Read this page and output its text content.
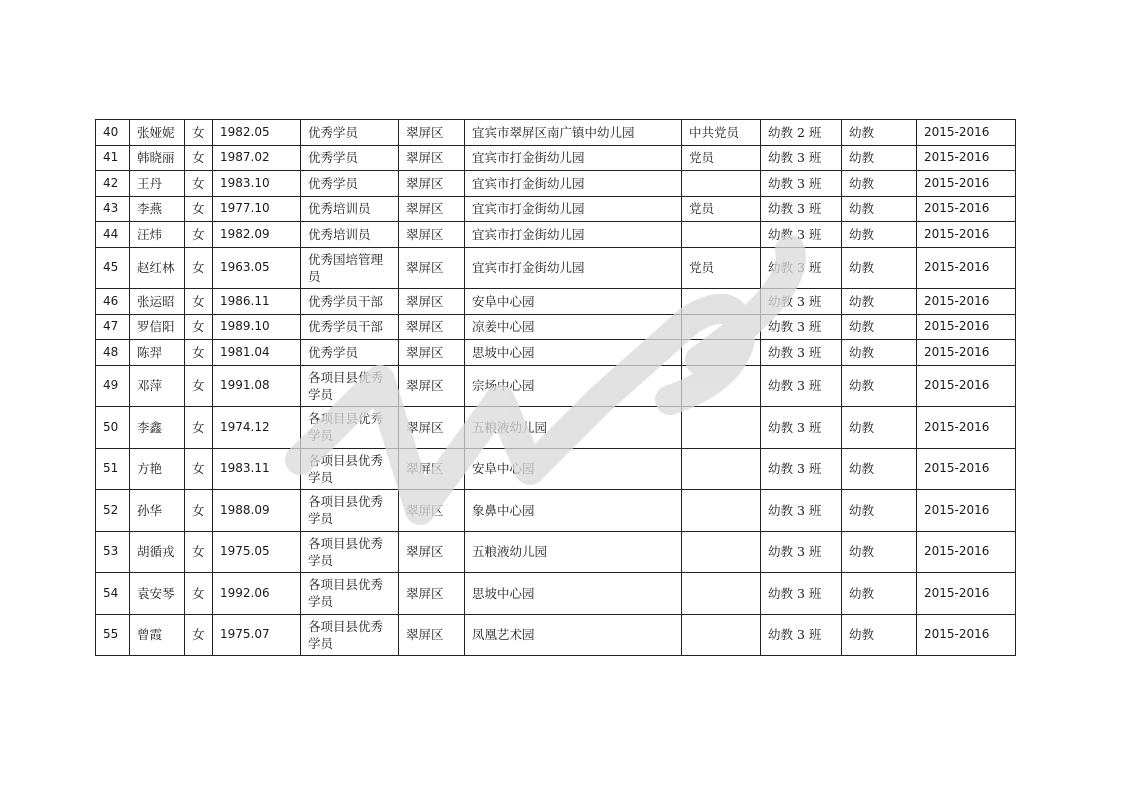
40	张娅妮	女	1982.05	优秀学员	翠屏区	宜宾市翠屏区南广镇中幼儿园	中共党员	幼教 2 班	幼教	2015-2016
41	韩晓丽	女	1987.02	优秀学员	翠屏区	宜宾市打金街幼儿园	党员	幼教 3 班	幼教	2015-2016
42	王丹	女	1983.10	优秀学员	翠屏区	宜宾市打金街幼儿园		幼教 3 班	幼教	2015-2016
43	李燕	女	1977.10	优秀培训员	翠屏区	宜宾市打金街幼儿园	党员	幼教 3 班	幼教	2015-2016
44	汪炜	女	1982.09	优秀培训员	翠屏区	宜宾市打金街幼儿园		幼教 3 班	幼教	2015-2016
45	赵红林	女	1963.05	优秀国培管理员	翠屏区	宜宾市打金街幼儿园	党员	幼教 3 班	幼教	2015-2016
46	张运昭	女	1986.11	优秀学员干部	翠屏区	安阜中心园		幼教 3 班	幼教	2015-2016
47	罗信阳	女	1989.10	优秀学员干部	翠屏区	凉姜中心园		幼教 3 班	幼教	2015-2016
48	陈羿	女	1981.04	优秀学员	翠屏区	思坡中心园		幼教 3 班	幼教	2015-2016
49	邓萍	女	1991.08	各项目县优秀学员	翠屏区	宗场中心园		幼教 3 班	幼教	2015-2016
50	李鑫	女	1974.12	各项目县优秀学员	翠屏区	五粮液幼儿园		幼教 3 班	幼教	2015-2016
51	方艳	女	1983.11	各项目县优秀学员	翠屏区	安阜中心园		幼教 3 班	幼教	2015-2016
52	孙华	女	1988.09	各项目县优秀学员	翠屏区	象鼻中心园		幼教 3 班	幼教	2015-2016
53	胡循戎	女	1975.05	各项目县优秀学员	翠屏区	五粮液幼儿园		幼教 3 班	幼教	2015-2016
54	袁安琴	女	1992.06	各项目县优秀学员	翠屏区	思坡中心园		幼教 3 班	幼教	2015-2016
55	曾霞	女	1975.07	各项目县优秀学员	翠屏区	凤凰艺术园		幼教 3 班	幼教	2015-2016
